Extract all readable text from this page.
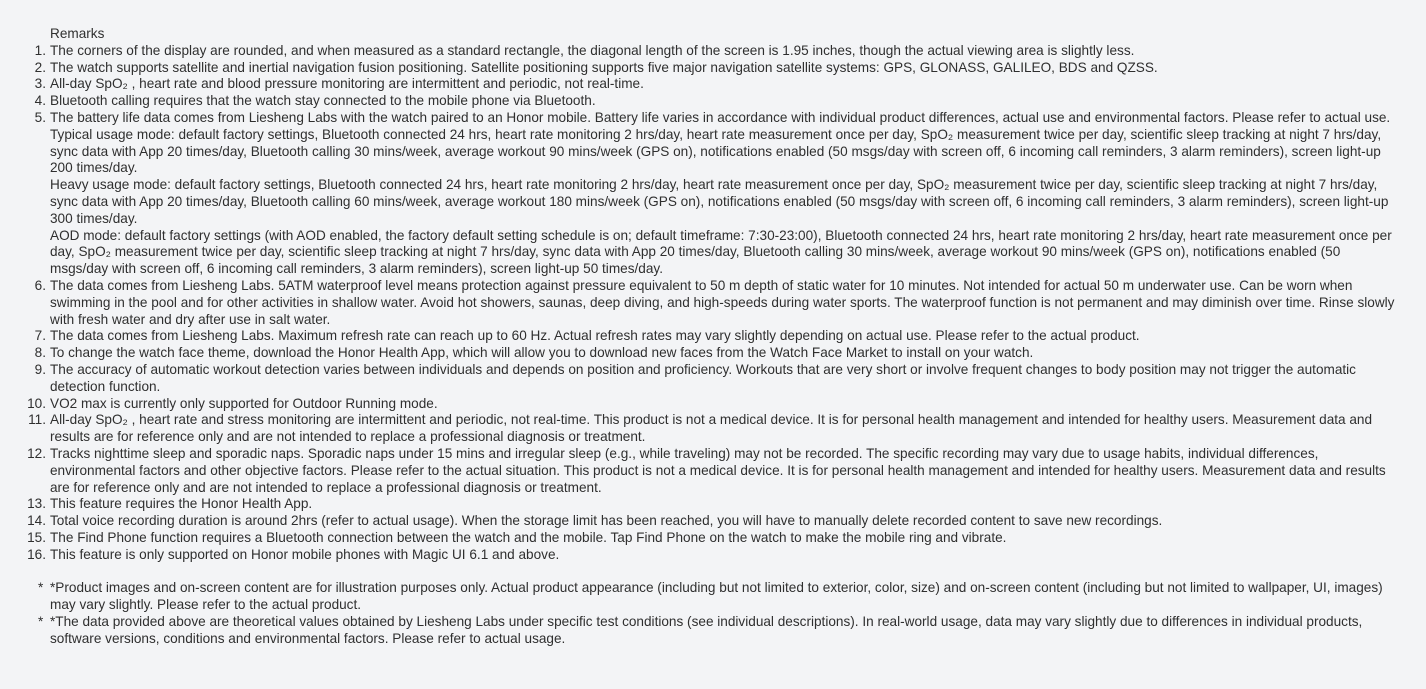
Remarks
1. The corners of the display are rounded, and when measured as a standard rectangle, the diagonal length of the screen is 1.95 inches, though the actual viewing area is slightly less.
2. The watch supports satellite and inertial navigation fusion positioning. Satellite positioning supports five major navigation satellite systems: GPS, GLONASS, GALILEO, BDS and QZSS.
3. All-day SpO₂ , heart rate and blood pressure monitoring are intermittent and periodic, not real-time.
4. Bluetooth calling requires that the watch stay connected to the mobile phone via Bluetooth.
5. The battery life data comes from Liesheng Labs with the watch paired to an Honor mobile. Battery life varies in accordance with individual product differences, actual use and environmental factors. Please refer to actual use.
Typical usage mode: default factory settings, Bluetooth connected 24 hrs, heart rate monitoring 2 hrs/day, heart rate measurement once per day, SpO₂ measurement twice per day, scientific sleep tracking at night 7 hrs/day, sync data with App 20 times/day, Bluetooth calling 30 mins/week, average workout 90 mins/week (GPS on), notifications enabled (50 msgs/day with screen off, 6 incoming call reminders, 3 alarm reminders), screen light-up 200 times/day.
Heavy usage mode: default factory settings, Bluetooth connected 24 hrs, heart rate monitoring 2 hrs/day, heart rate measurement once per day, SpO₂ measurement twice per day, scientific sleep tracking at night 7 hrs/day, sync data with App 20 times/day, Bluetooth calling 60 mins/week, average workout 180 mins/week (GPS on), notifications enabled (50 msgs/day with screen off, 6 incoming call reminders, 3 alarm reminders), screen light-up 300 times/day.
AOD mode: default factory settings (with AOD enabled, the factory default setting schedule is on; default timeframe: 7:30-23:00), Bluetooth connected 24 hrs, heart rate monitoring 2 hrs/day, heart rate measurement once per day, SpO₂ measurement twice per day, scientific sleep tracking at night 7 hrs/day, sync data with App 20 times/day, Bluetooth calling 30 mins/week, average workout 90 mins/week (GPS on), notifications enabled (50 msgs/day with screen off, 6 incoming call reminders, 3 alarm reminders), screen light-up 50 times/day.
6. The data comes from Liesheng Labs. 5ATM waterproof level means protection against pressure equivalent to 50 m depth of static water for 10 minutes. Not intended for actual 50 m underwater use. Can be worn when swimming in the pool and for other activities in shallow water. Avoid hot showers, saunas, deep diving, and high-speeds during water sports. The waterproof function is not permanent and may diminish over time. Rinse slowly with fresh water and dry after use in salt water.
7. The data comes from Liesheng Labs. Maximum refresh rate can reach up to 60 Hz. Actual refresh rates may vary slightly depending on actual use. Please refer to the actual product.
8. To change the watch face theme, download the Honor Health App, which will allow you to download new faces from the Watch Face Market to install on your watch.
9. The accuracy of automatic workout detection varies between individuals and depends on position and proficiency. Workouts that are very short or involve frequent changes to body position may not trigger the automatic detection function.
10. VO2 max is currently only supported for Outdoor Running mode.
11. All-day SpO₂ , heart rate and stress monitoring are intermittent and periodic, not real-time. This product is not a medical device. It is for personal health management and intended for healthy users. Measurement data and results are for reference only and are not intended to replace a professional diagnosis or treatment.
12. Tracks nighttime sleep and sporadic naps. Sporadic naps under 15 mins and irregular sleep (e.g., while traveling) may not be recorded. The specific recording may vary due to usage habits, individual differences, environmental factors and other objective factors. Please refer to the actual situation. This product is not a medical device. It is for personal health management and intended for healthy users. Measurement data and results are for reference only and are not intended to replace a professional diagnosis or treatment.
13. This feature requires the Honor Health App.
14. Total voice recording duration is around 2hrs (refer to actual usage). When the storage limit has been reached, you will have to manually delete recorded content to save new recordings.
15. The Find Phone function requires a Bluetooth connection between the watch and the mobile. Tap Find Phone on the watch to make the mobile ring and vibrate.
16. This feature is only supported on Honor mobile phones with Magic UI 6.1 and above.
* *Product images and on-screen content are for illustration purposes only. Actual product appearance (including but not limited to exterior, color, size) and on-screen content (including but not limited to wallpaper, UI, images) may vary slightly. Please refer to the actual product.
* *The data provided above are theoretical values obtained by Liesheng Labs under specific test conditions (see individual descriptions). In real-world usage, data may vary slightly due to differences in individual products, software versions, conditions and environmental factors. Please refer to actual usage.
